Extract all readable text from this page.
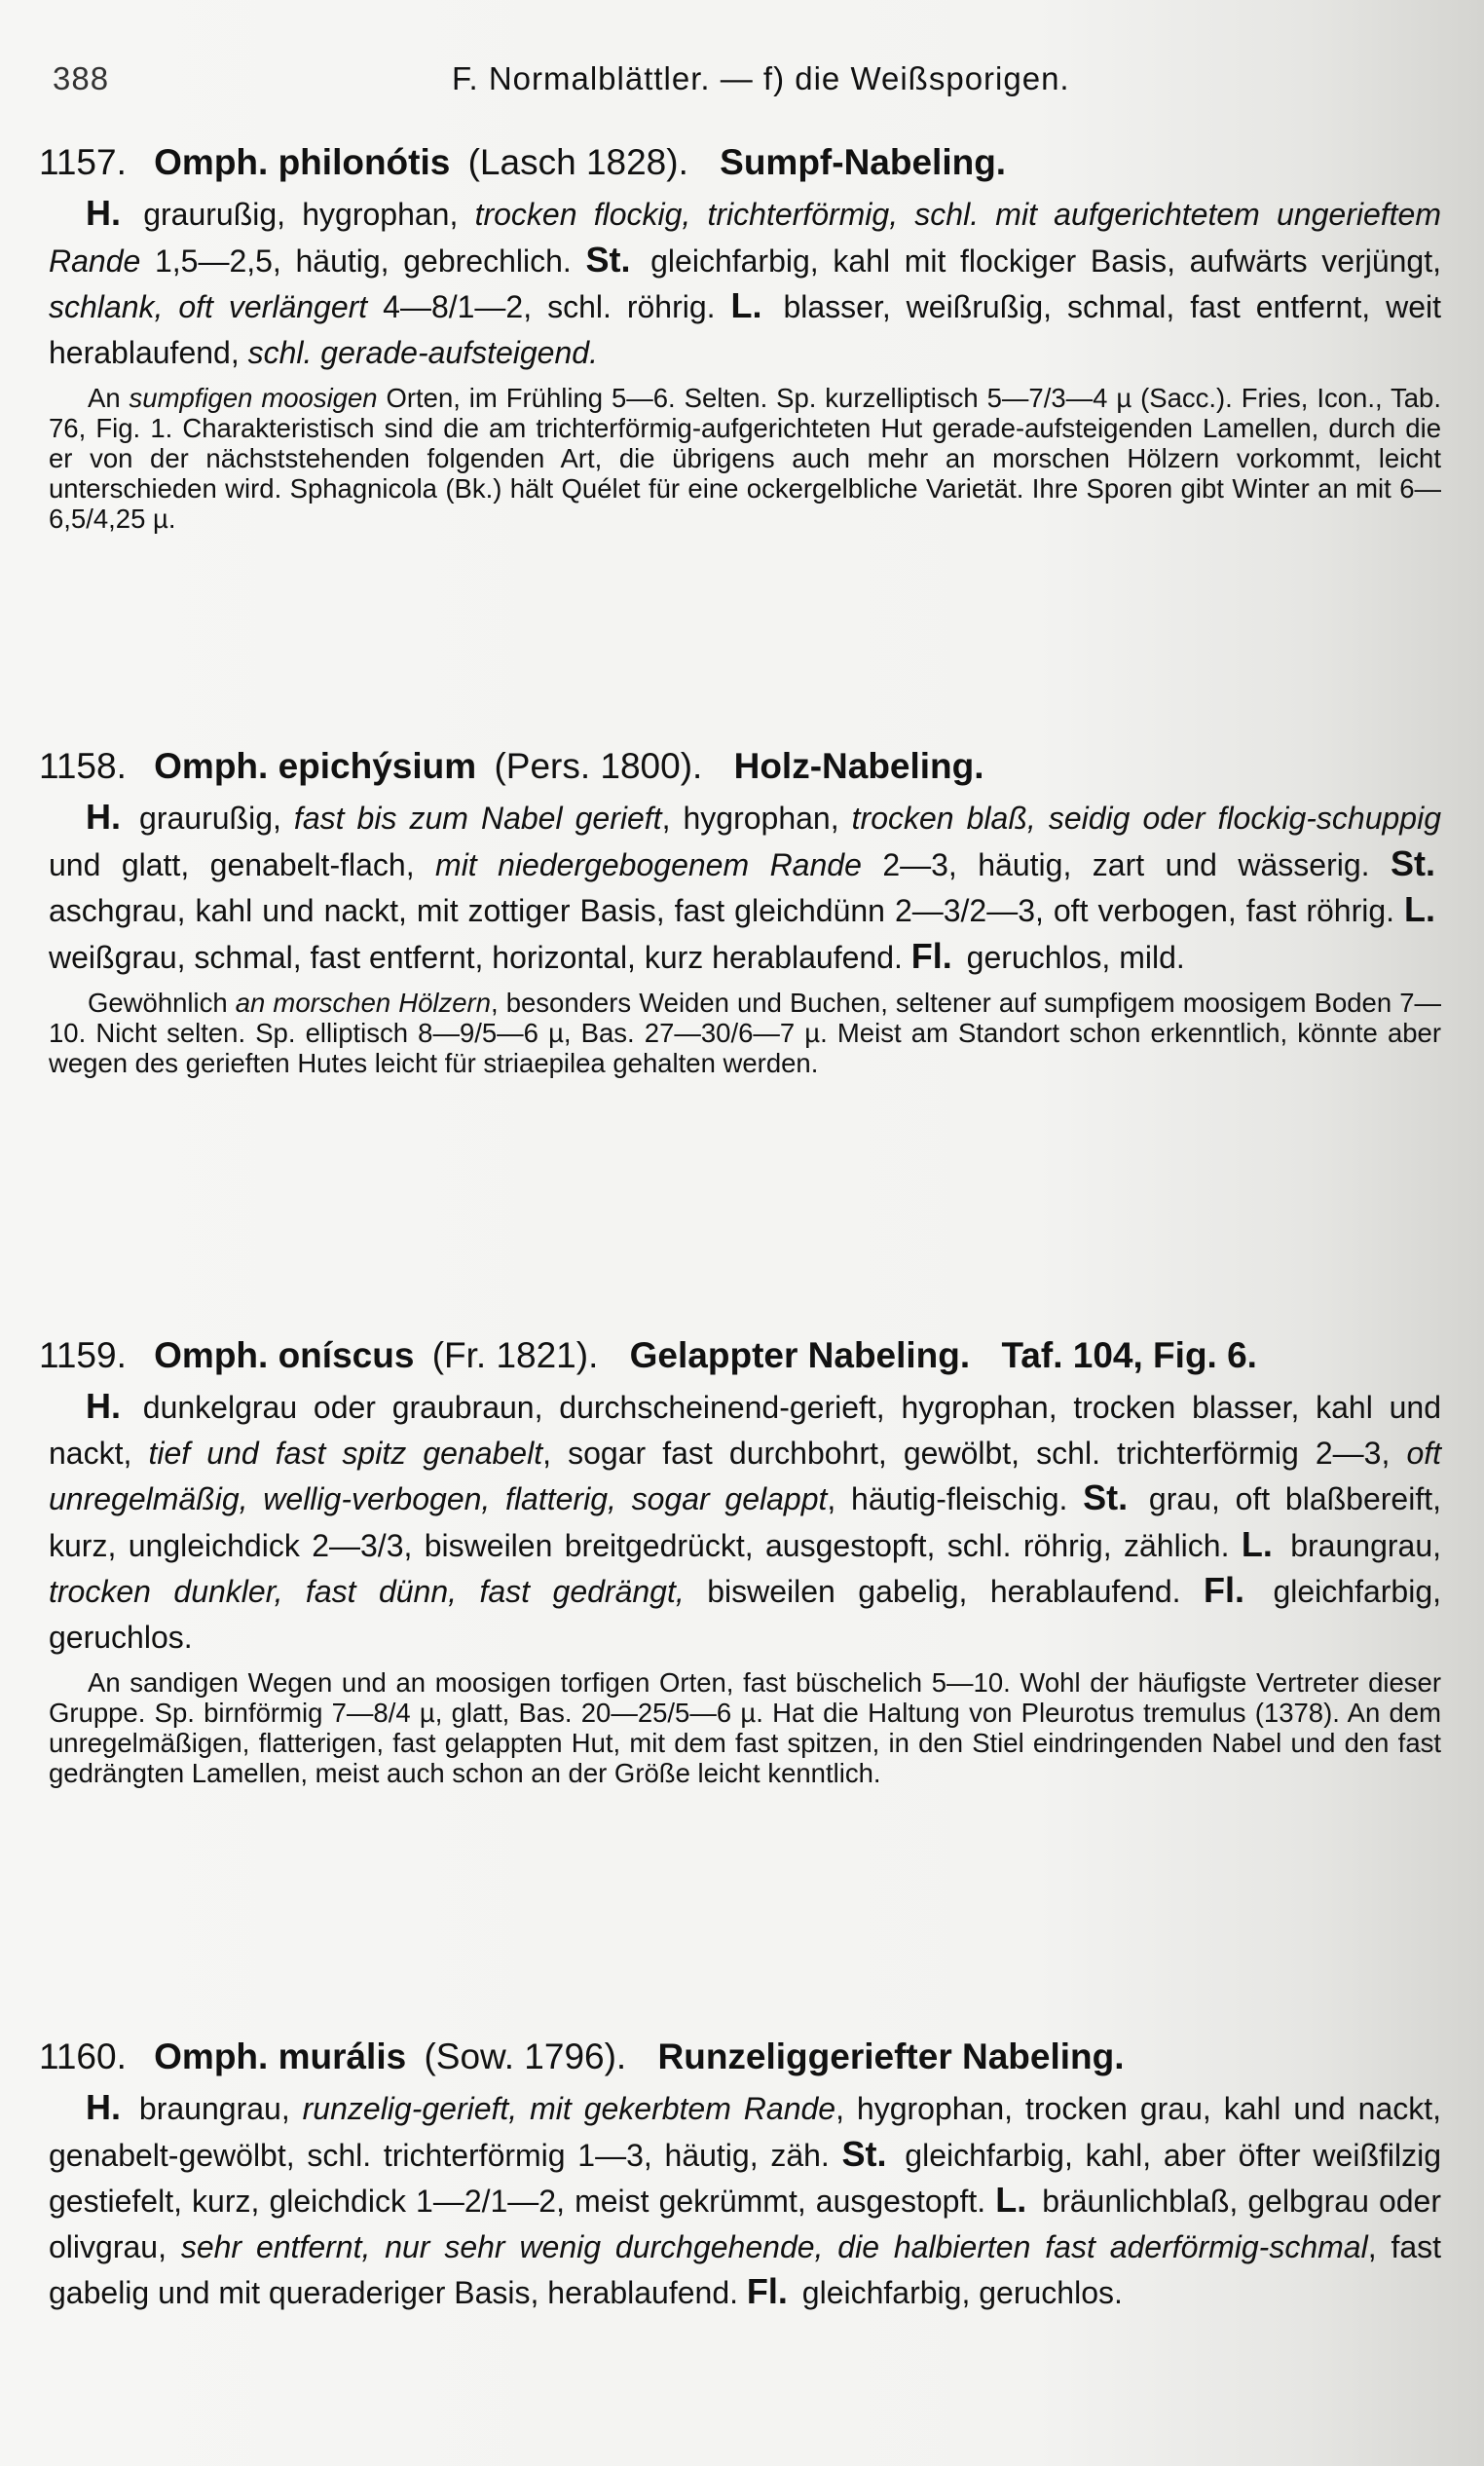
388	F. Normalblättler. — f) die Weißsporigen.
1157. Omph. philonótis (Lasch 1828). Sumpf-Nabeling.
H. graurußig, hygrophan, trocken flockig, trichterförmig, schl. mit aufgerichtetem ungerieftem Rande 1,5—2,5, häutig, gebrechlich. St. gleichfarbig, kahl mit flockiger Basis, aufwärts verjüngt, schlank, oft verlängert 4—8/1—2, schl. röhrig. L. blasser, weißrußig, schmal, fast entfernt, weit herablaufend, schl. gerade-aufsteigend.
An sumpfigen moosigen Orten, im Frühling 5—6. Selten. Sp. kurzelliptisch 5—7/3—4 µ (Sacc.). Fries, Icon., Tab. 76, Fig. 1. Charakteristisch sind die am trichterförmig-aufgerichteten Hut gerade-aufsteigenden Lamellen, durch die er von der nächststehenden folgenden Art, die übrigens auch mehr an morschen Hölzern vorkommt, leicht unterschieden wird. Sphagnicola (Bk.) hält Quélet für eine ockergelbliche Varietät. Ihre Sporen gibt Winter an mit 6—6,5/4,25 µ.
1158. Omph. epichýsium (Pers. 1800). Holz-Nabeling.
H. graurußig, fast bis zum Nabel gerieft, hygrophan, trocken blaß, seidig oder flockig-schuppig und glatt, genabelt-flach, mit niedergebogenem Rande 2—3, häutig, zart und wässerig. St. aschgrau, kahl und nackt, mit zottiger Basis, fast gleichdünn 2—3/2—3, oft verbogen, fast röhrig. L. weißgrau, schmal, fast entfernt, horizontal, kurz herablaufend. Fl. geruchlos, mild.
Gewöhnlich an morschen Hölzern, besonders Weiden und Buchen, seltener auf sumpfigem moosigem Boden 7—10. Nicht selten. Sp. elliptisch 8—9/5—6 µ, Bas. 27—30/6—7 µ. Meist am Standort schon erkenntlich, könnte aber wegen des gerieften Hutes leicht für striaepilea gehalten werden.
1159. Omph. oníscus (Fr. 1821). Gelappter Nabeling. Taf. 104, Fig. 6.
H. dunkelgrau oder graubraun, durchscheinend-gerieft, hygrophan, trocken blasser, kahl und nackt, tief und fast spitz genabelt, sogar fast durchbohrt, gewölbt, schl. trichterförmig 2—3, oft unregelmäßig, wellig-verbogen, flatterig, sogar gelappt, häutig-fleischig. St. grau, oft blaßbereift, kurz, ungleichdick 2—3/3, bisweilen breitgedrückt, ausgestopft, schl. röhrig, zählich. L. braungrau, trocken dunkler, fast dünn, fast gedrängt, bisweilen gabelig, herablaufend. Fl. gleichfarbig, geruchlos.
An sandigen Wegen und an moosigen torfigen Orten, fast büschelich 5—10. Wohl der häufigste Vertreter dieser Gruppe. Sp. birnförmig 7—8/4 µ, glatt, Bas. 20—25/5—6 µ. Hat die Haltung von Pleurotus tremulus (1378). An dem unregelmäßigen, flatterigen, fast gelappten Hut, mit dem fast spitzen, in den Stiel eindringenden Nabel und den fast gedrängten Lamellen, meist auch schon an der Größe leicht kenntlich.
1160. Omph. murális (Sow. 1796). Runzeliggeriefter Nabeling.
H. braungrau, runzelig-gerieft, mit gekerbtem Rande, hygrophan, trocken grau, kahl und nackt, genabelt-gewölbt, schl. trichterförmig 1—3, häutig, zäh. St. gleichfarbig, kahl, aber öfter weißfilzig gestiefelt, kurz, gleichdick 1—2/1—2, meist gekrümmt, ausgestopft. L. bräunlichblaß, gelbgrau oder olivgrau, sehr entfernt, nur sehr wenig durchgehende, die halbierten fast aderförmig-schmal, fast gabelig und mit queraderiger Basis, herablaufend. Fl. gleichfarbig, geruchlos.
